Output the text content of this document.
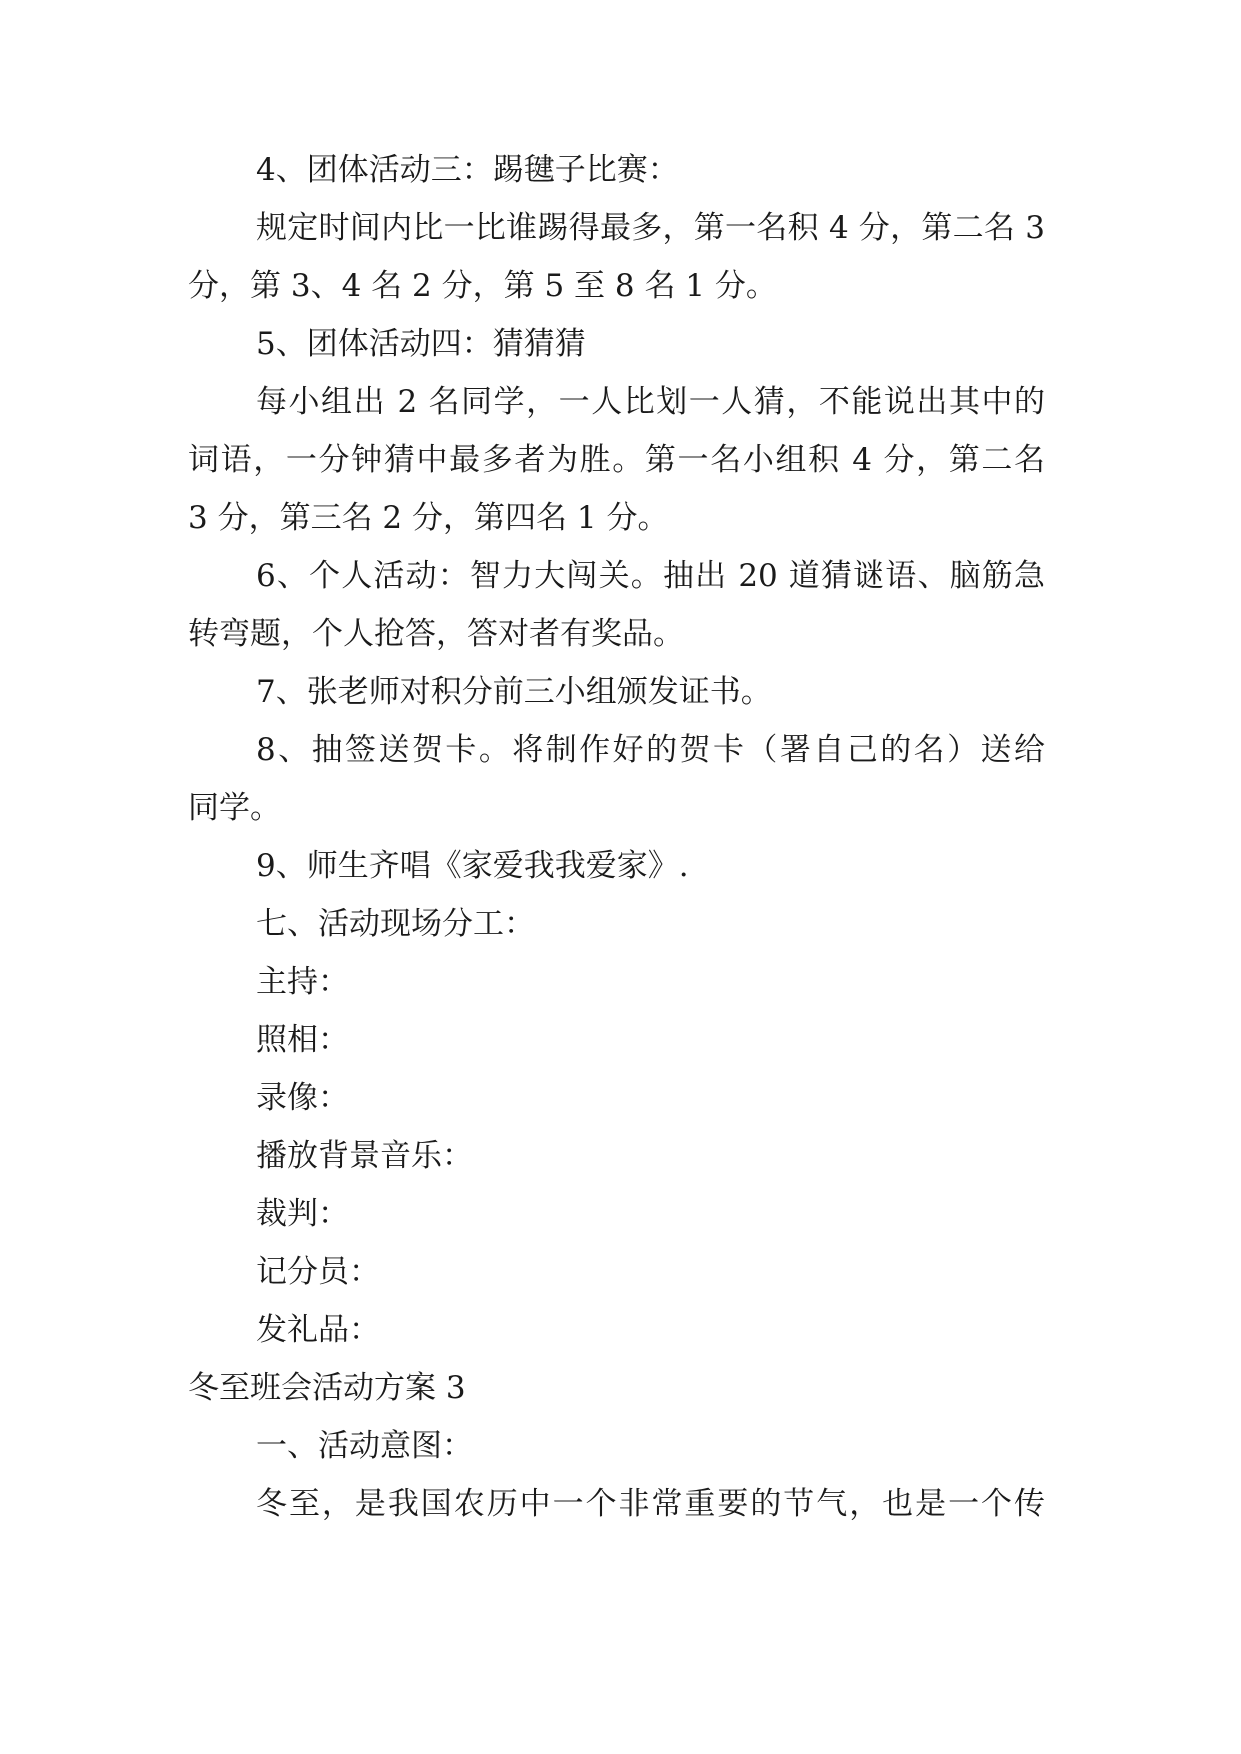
4、团体活动三：踢毽子比赛：
规定时间内比一比谁踢得最多，第一名积 4 分，第二名 3
分，第 3、4 名 2 分，第 5 至 8 名 1 分。
5、团体活动四：猜猜猜
每小组出 2 名同学，一人比划一人猜，不能说出其中的
词语，一分钟猜中最多者为胜。第一名小组积 4 分，第二名
3 分，第三名 2 分，第四名 1 分。
6、个人活动：智力大闯关。抽出 20 道猜谜语、脑筋急
转弯题，个人抢答，答对者有奖品。
7、张老师对积分前三小组颁发证书。
8、抽签送贺卡。将制作好的贺卡（署自己的名）送给
同学。
9、师生齐唱《家爱我我爱家》.
七、活动现场分工：
主持：
照相：
录像：
播放背景音乐：
裁判：
记分员：
发礼品：
冬至班会活动方案 3
一、活动意图：
冬至，是我国农历中一个非常重要的节气，也是一个传
